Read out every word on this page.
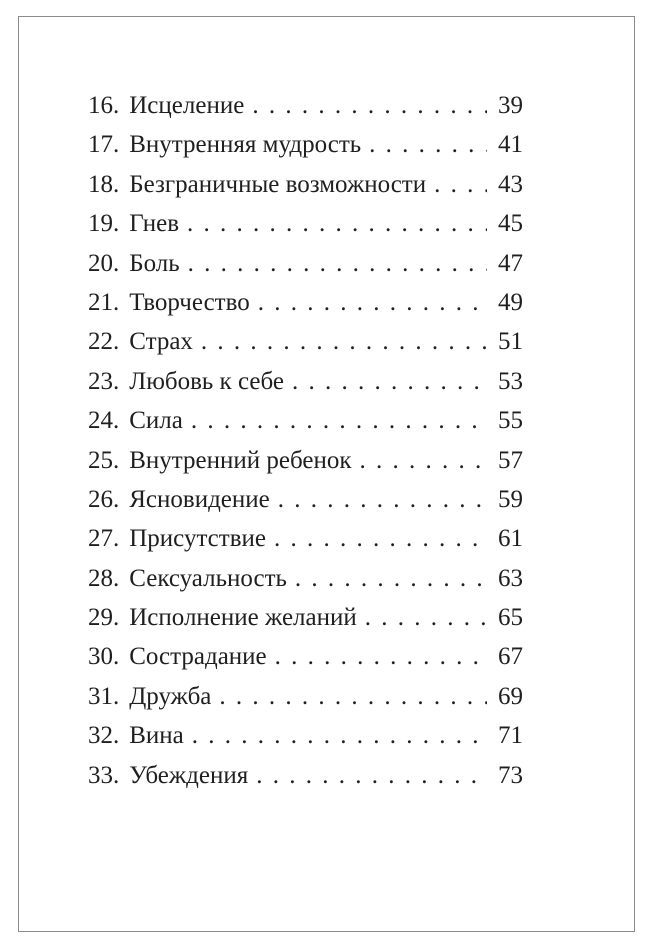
16. Исцеление . . .	39
17. Внутренняя мудрость . . .	41
18. Безграничные возможности . . .	43
19. Гнев . . .	45
20. Боль . . .	47
21. Творчество . . .	49
22. Страх . . .	51
23. Любовь к себе . . .	53
24. Сила . . .	55
25. Внутренний ребенок . . .	57
26. Ясновидение . . .	59
27. Присутствие . . .	61
28. Сексуальность . . .	63
29. Исполнение желаний . . .	65
30. Сострадание . . .	67
31. Дружба . . .	69
32. Вина . . .	71
33. Убеждения . . .	73
